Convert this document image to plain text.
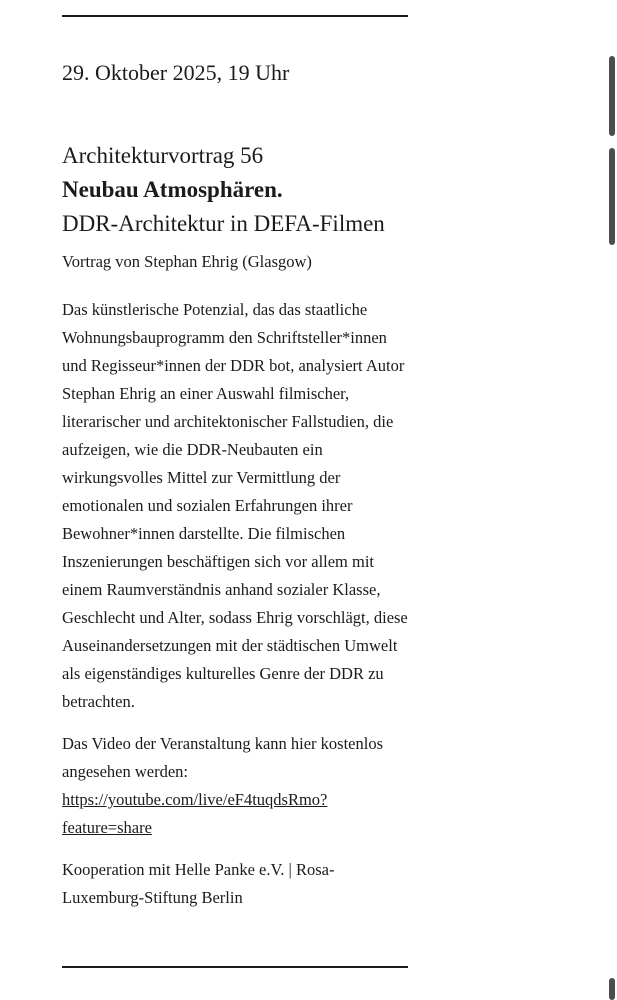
29. Oktober 2025, 19 Uhr

Architekturvortrag 56
Neubau Atmosphären.
DDR-Architektur in DEFA-Filmen

Vortrag von Stephan Ehrig (Glasgow)

Das künstlerische Potenzial, das das staatliche Wohnungsbauprogramm den Schriftsteller*innen und Regisseur*innen der DDR bot, analysiert Autor Stephan Ehrig an einer Auswahl filmischer, literarischer und architektonischer Fallstudien, die aufzeigen, wie die DDR-Neubauten ein wirkungsvolles Mittel zur Vermittlung der emotionalen und sozialen Erfahrungen ihrer Bewohner*innen darstellte. Die filmischen Inszenierungen beschäftigen sich vor allem mit einem Raumverständnis anhand sozialer Klasse, Geschlecht und Alter, sodass Ehrig vorschlägt, diese Auseinandersetzungen mit der städtischen Umwelt als eigenständiges kulturelles Genre der DDR zu betrachten.

Das Video der Veranstaltung kann hier kostenlos angesehen werden:
https://youtube.com/live/eF4tuqdsRmo?feature=share

Kooperation mit Helle Panke e.V. | Rosa-Luxemburg-Stiftung Berlin
